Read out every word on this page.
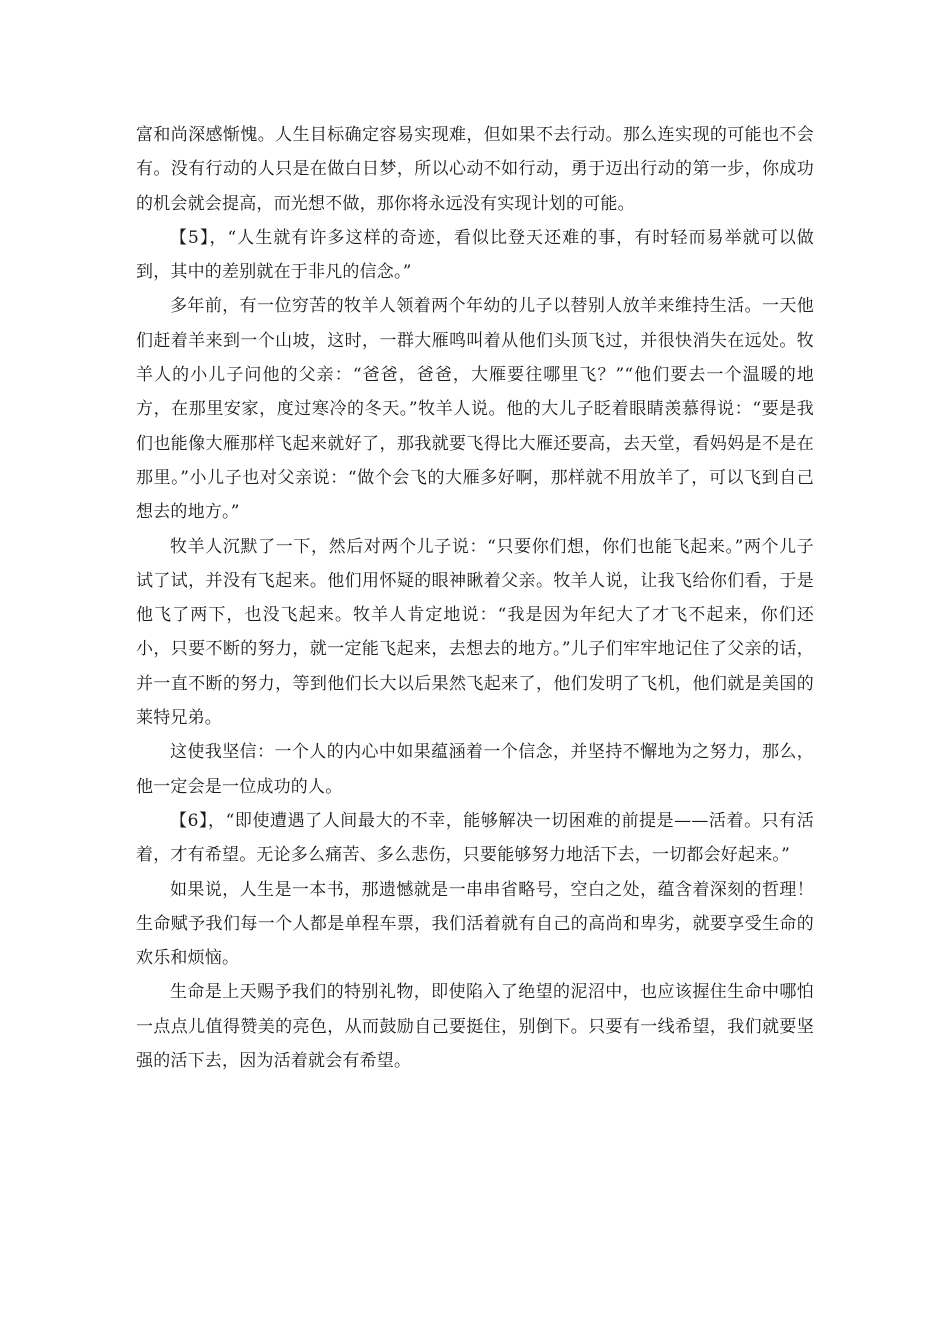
富和尚深感惭愧。人生目标确定容易实现难，但如果不去行动。那么连实现的可能也不会有。没有行动的人只是在做白日梦，所以心动不如行动，勇于迈出行动的第一步，你成功的机会就会提高，而光想不做，那你将永远没有实现计划的可能。

【5】，“人生就有许多这样的奇迹，看似比登天还难的事，有时轻而易举就可以做到，其中的差别就在于非凡的信念。”

多年前，有一位穷苦的牧羊人领着两个年幼的儿子以替别人放羊来维持生活。一天他们赶着羊来到一个山坡，这时，一群大雁鸣叫着从他们头顶飞过，并很快消失在远处。牧羊人的小儿子问他的父亲：“爸爸，爸爸，大雁要往哪里飞？”“他们要去一个温暖的地方，在那里安家，度过寒冷的冬天。”牧羊人说。他的大儿子眨着眼睛羡慕得说：“要是我们也能像大雁那样飞起来就好了，那我就要飞得比大雁还要高，去天堂，看妈妈是不是在那里。”小儿子也对父亲说：“做个会飞的大雁多好啊，那样就不用放羊了，可以飞到自己想去的地方。”

牧羊人沉默了一下，然后对两个儿子说：“只要你们想，你们也能飞起来。”两个儿子试了试，并没有飞起来。他们用怀疑的眼神瞅着父亲。牧羊人说，让我飞给你们看，于是他飞了两下，也没飞起来。牧羊人肯定地说：“我是因为年纪大了才飞不起来，你们还小，只要不断的努力，就一定能飞起来，去想去的地方。”儿子们牢牢地记住了父亲的话，并一直不断的努力，等到他们长大以后果然飞起来了，他们发明了飞机，他们就是美国的莱特兄弟。

这使我坚信：一个人的内心中如果蕴涵着一个信念，并坚持不懈地为之努力，那么，他一定会是一位成功的人。

【6】，“即使遭遇了人间最大的不幸，能够解决一切困难的前提是——活着。只有活着，才有希望。无论多么痛苦、多么悲伤，只要能够努力地活下去，一切都会好起来。”

如果说，人生是一本书，那遗憾就是一串串省略号，空白之处，蕴含着深刻的哲理！生命赋予我们每一个人都是单程车票，我们活着就有自己的高尚和卑劣，就要享受生命的欢乐和烦恼。

生命是上天赐予我们的特别礼物，即使陷入了绝望的泥沼中，也应该握住生命中哪怕一点点儿值得赞美的亮色，从而鼓励自己要挺住，别倒下。只要有一线希望，我们就要坚强的活下去，因为活着就会有希望。
